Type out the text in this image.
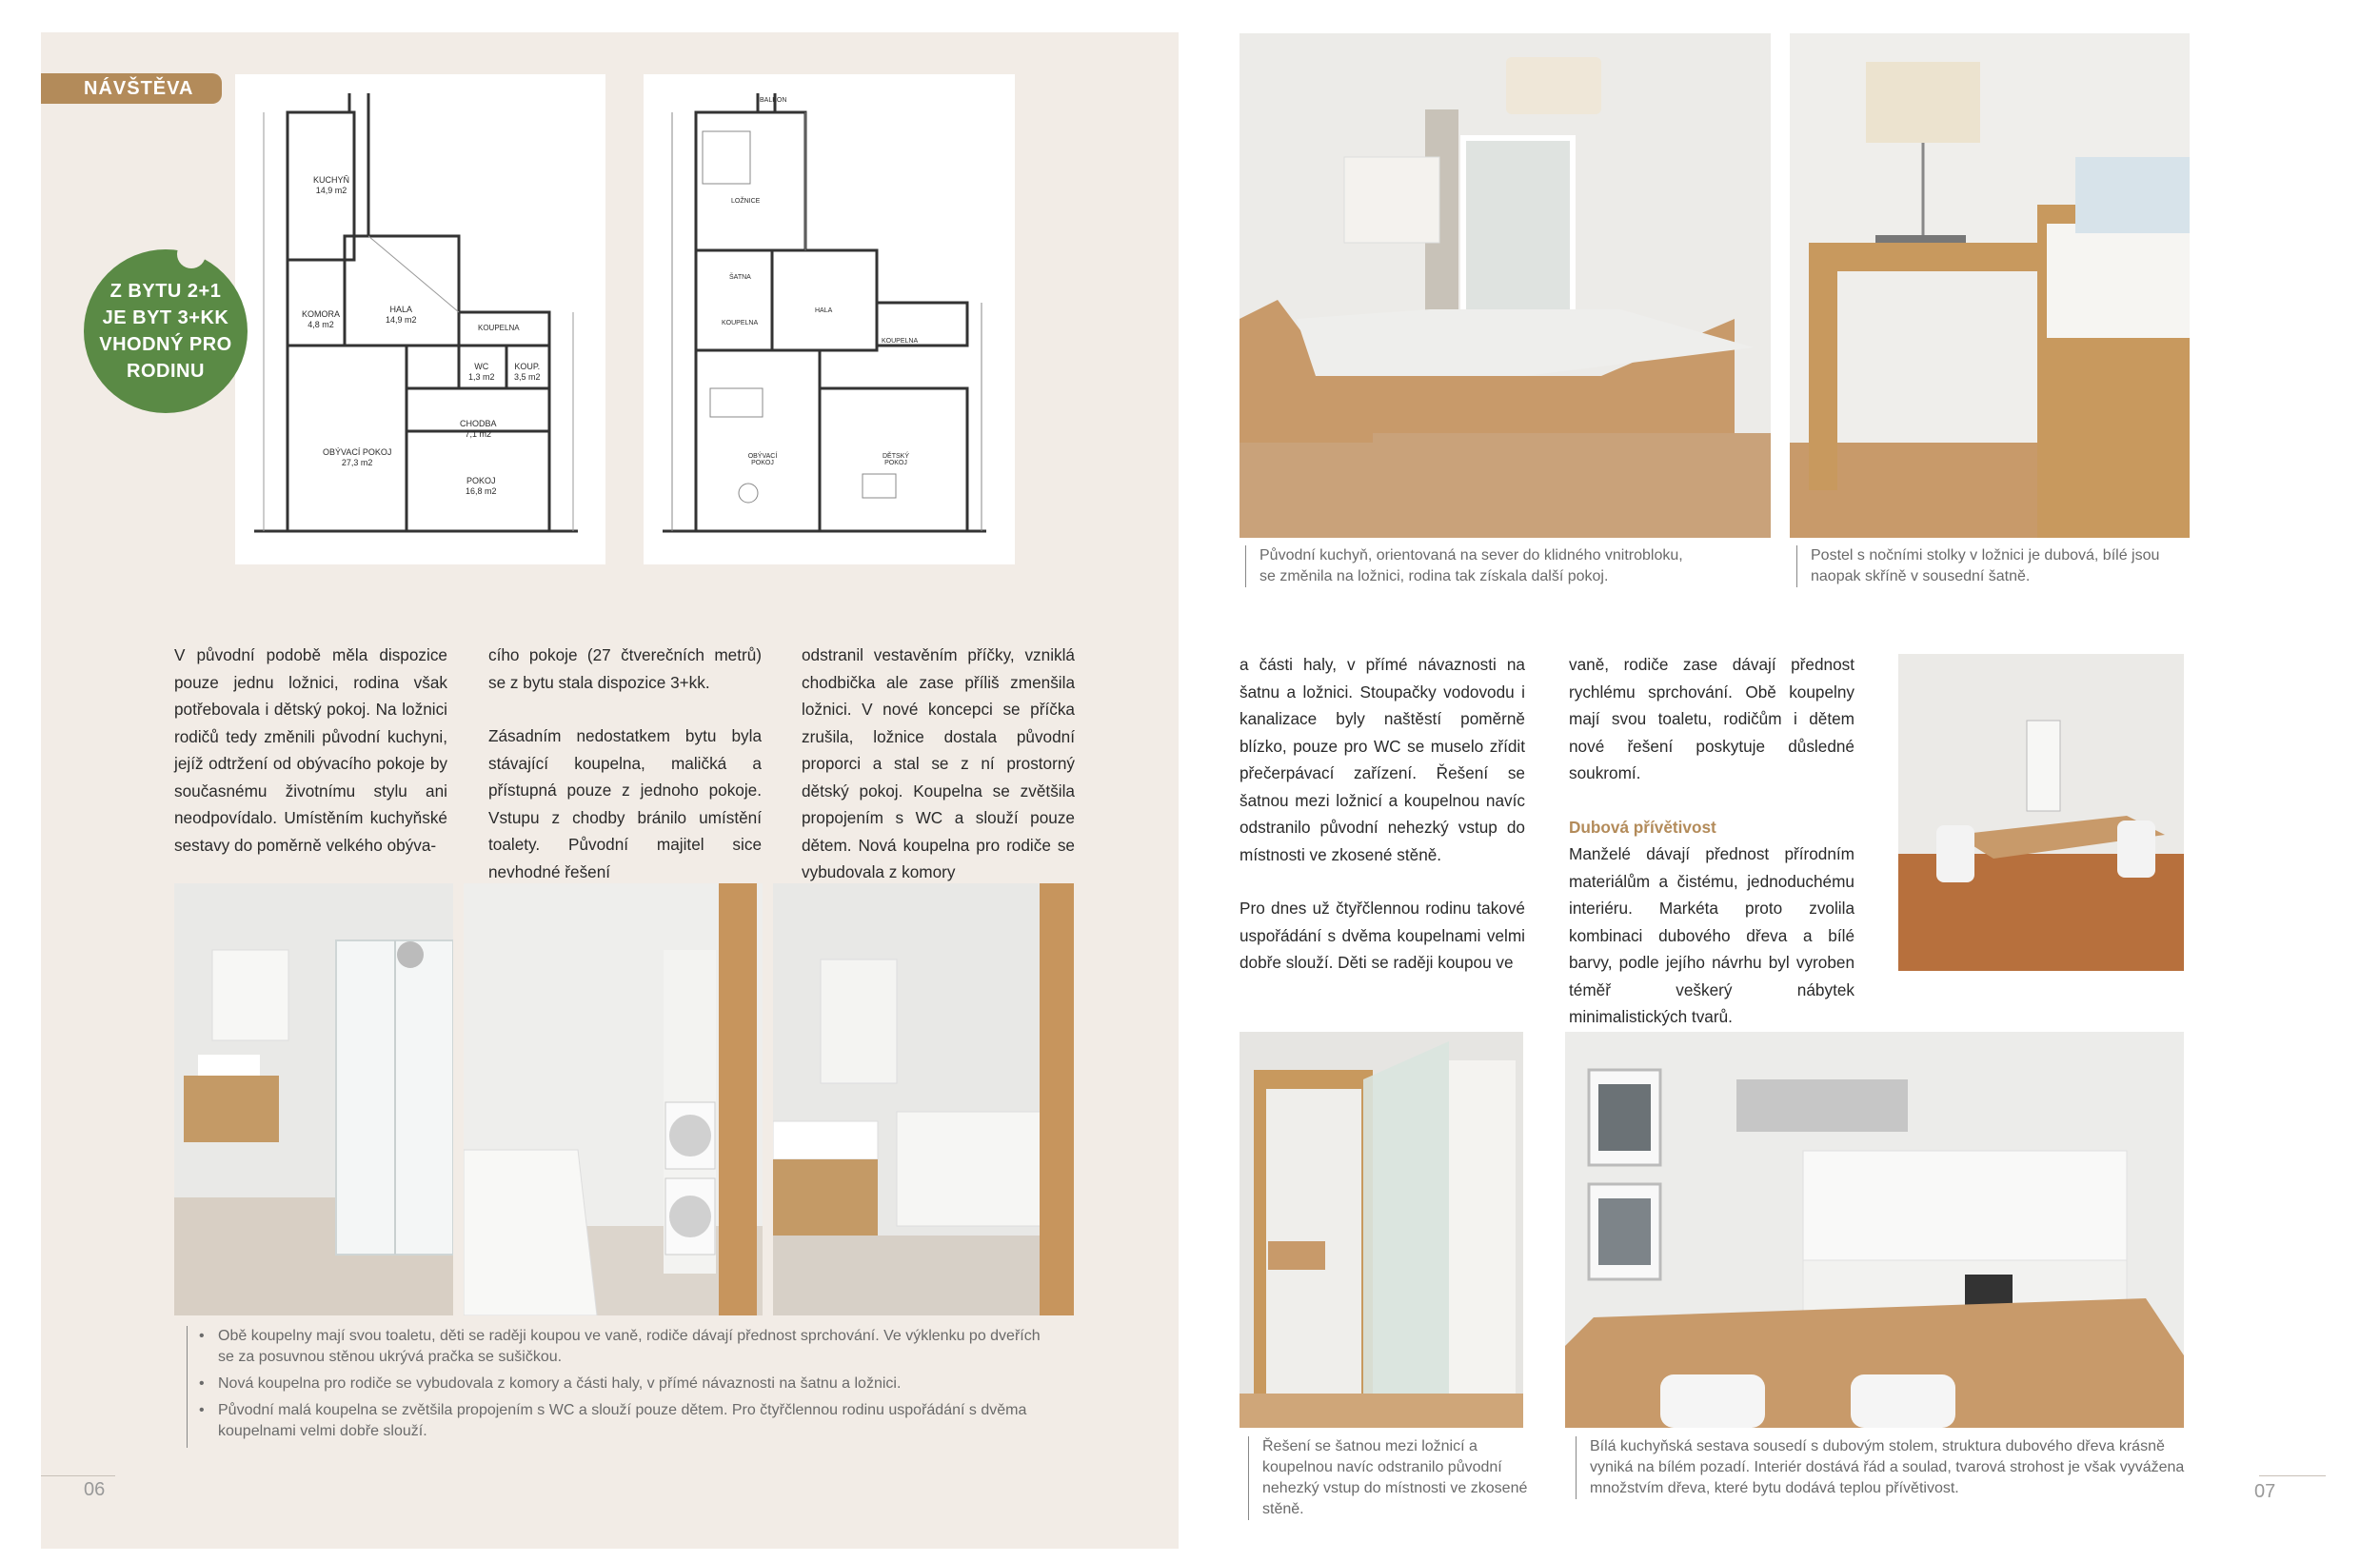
NÁVŠTĚVA
KUCHYŇ
14,9 m2
KOMORA
4,8 m2
HALA
14,9 m2
KOUPELNA
WC
1,3 m2
KOUP.
3,5 m2
CHODBA
7,1 m2
OBÝVACÍ POKOJ
27,3 m2
POKOJ
16,8 m2
Z BYTU 2+1 JE BYT 3+KK VHODNÝ PRO RODINU
BALKON
LOŽNICE
ŠATNA
KOUPELNA
HALA
KOUPELNA
OBÝVACÍ POKOJ
DĚTSKÝ POKOJ

V původní podobě měla dispozice pouze jednu ložnici, rodina však potřebovala i dětský pokoj. Na ložnici rodičů tedy změnili původní kuchyni, jejíž odtržení od obývacího pokoje by současnému životnímu stylu ani neodpovídalo. Umístěním kuchyňské sestavy do poměrně velkého obýva-

cího pokoje (27 čtverečních metrů) se z bytu stala dispozice 3+kk.

Zásadním nedostatkem bytu byla stávající koupelna, maličká a přístupná pouze z jednoho pokoje. Vstupu z chodby bránilo umístění toalety. Původní majitel sice nevhodné řešení

odstranil vestavěním příčky, vzniklá chodbička ale zase příliš zmenšila ložnici. V nové koncepci se příčka zrušila, ložnice dostala původní proporci a stal se z ní prostorný dětský pokoj. Koupelna se zvětšila propojením s WC a slouží pouze dětem. Nová koupelna pro rodiče se vybudovala z komory

• Obě koupelny mají svou toaletu, děti se raději koupou ve vaně, rodiče dávají přednost sprchování. Ve výklenku po dveřích se za posuvnou stěnou ukrývá pračka se sušičkou.
• Nová koupelna pro rodiče se vybudovala z komory a části haly, v přímé návaznosti na šatnu a ložnici.
• Původní malá koupelna se zvětšila propojením s WC a slouží pouze dětem. Pro čtyřčlennou rodinu uspořádání s dvěma koupelnami velmi dobře slouží.
06
Původní kuchyň, orientovaná na sever do klidného vnitrobloku, se změnila na ložnici, rodina tak získala další pokoj.
Postel s nočními stolky v ložnici je dubová, bílé jsou naopak skříně v sousední šatně.

a části haly, v přímé návaznosti na šatnu a ložnici. Stoupačky vodovodu i kanalizace byly naštěstí poměrně blízko, pouze pro WC se muselo zřídit přečerpávací zařízení. Řešení se šatnou mezi ložnicí a koupelnou navíc odstranilo původní nehezký vstup do místnosti ve zkosené stěně.

Pro dnes už čtyřčlennou rodinu takové uspořádání s dvěma koupelnami velmi dobře slouží. Děti se raději koupou ve

vaně, rodiče zase dávají přednost rychlému sprchování. Obě koupelny mají svou toaletu, rodičům i dětem nové řešení poskytuje důsledné soukromí.

Dubová přívětivost

Manželé dávají přednost přírodním materiálům a čistému, jednoduchému interiéru. Markéta proto zvolila kombinaci dubového dřeva a bílé barvy, podle jejího návrhu byl vyroben téměř veškerý nábytek minimalistických tvarů.

Řešení se šatnou mezi ložnicí a koupelnou navíc odstranilo původní nehezký vstup do místnosti ve zkosené stěně.
Bílá kuchyňská sestava sousedí s dubovým stolem, struktura dubového dřeva krásně vyniká na bílém pozadí. Interiér dostává řád a soulad, tvarová strohost je však vyvážena množstvím dřeva, které bytu dodává teplou přívětivost.	07
